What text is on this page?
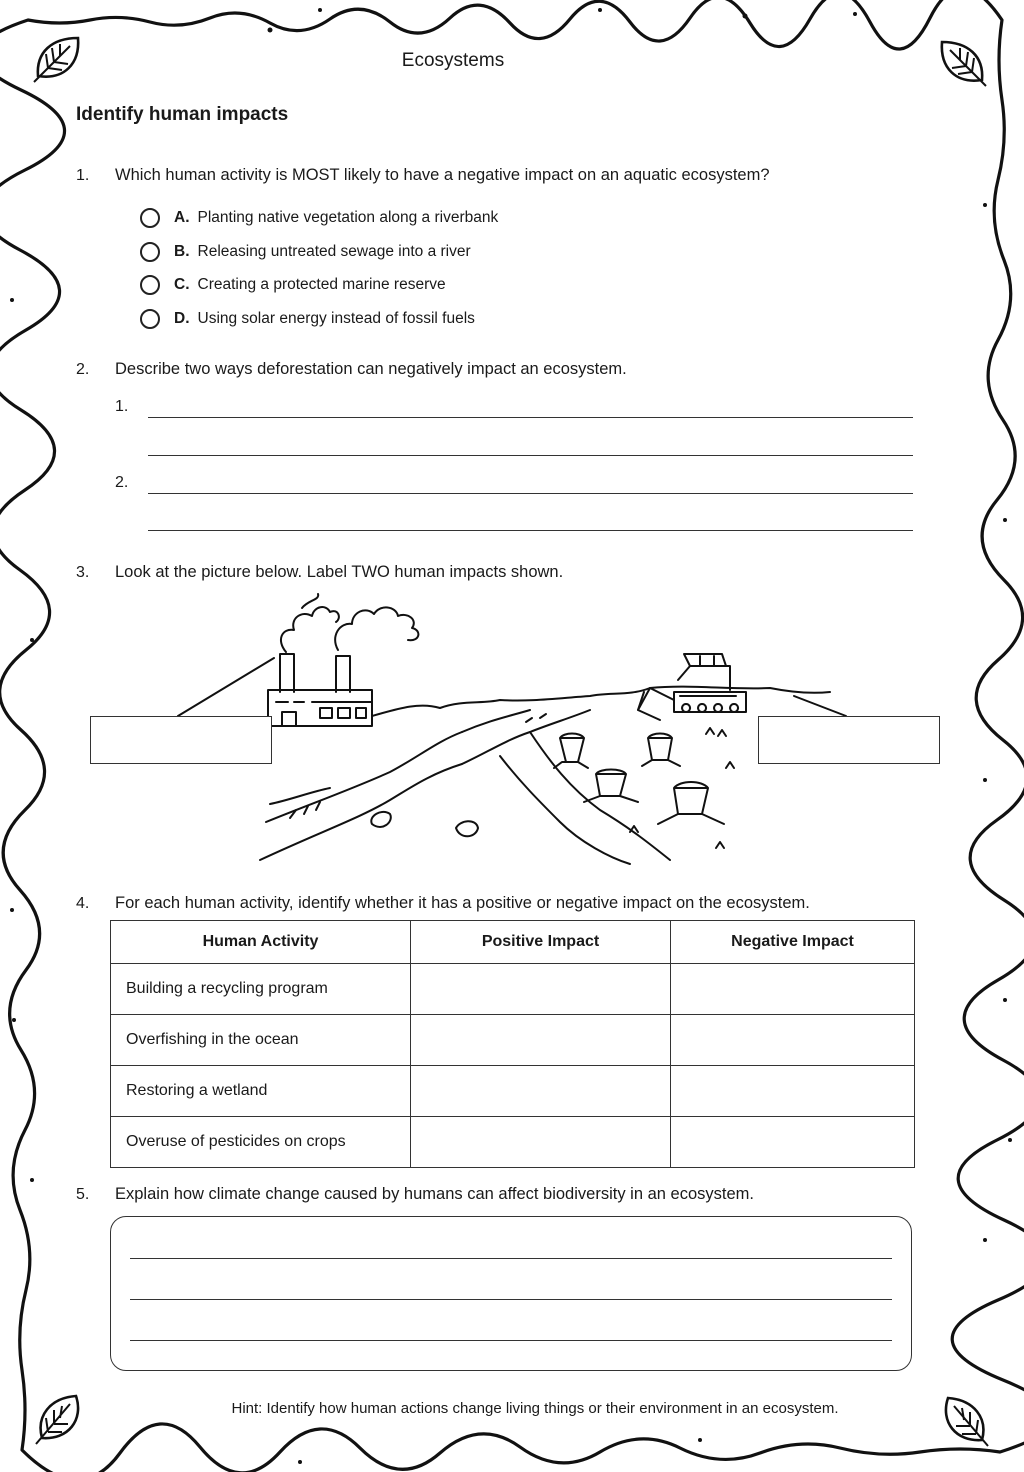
Ecosystems
Identify human impacts
1. Which human activity is MOST likely to have a negative impact on an aquatic ecosystem?
A. Planting native vegetation along a riverbank
B. Releasing untreated sewage into a river
C. Creating a protected marine reserve
D. Using solar energy instead of fossil fuels
2. Describe two ways deforestation can negatively impact an ecosystem.
1.
2.
3. Look at the picture below. Label TWO human impacts shown.
4. For each human activity, identify whether it has a positive or negative impact on the ecosystem.
Human Activity	Positive Impact	Negative Impact
Building a recycling program		
Overfishing in the ocean		
Restoring a wetland		
Overuse of pesticides on crops		
5. Explain how climate change caused by humans can affect biodiversity in an ecosystem.
Hint: Identify how human actions change living things or their environment in an ecosystem.
